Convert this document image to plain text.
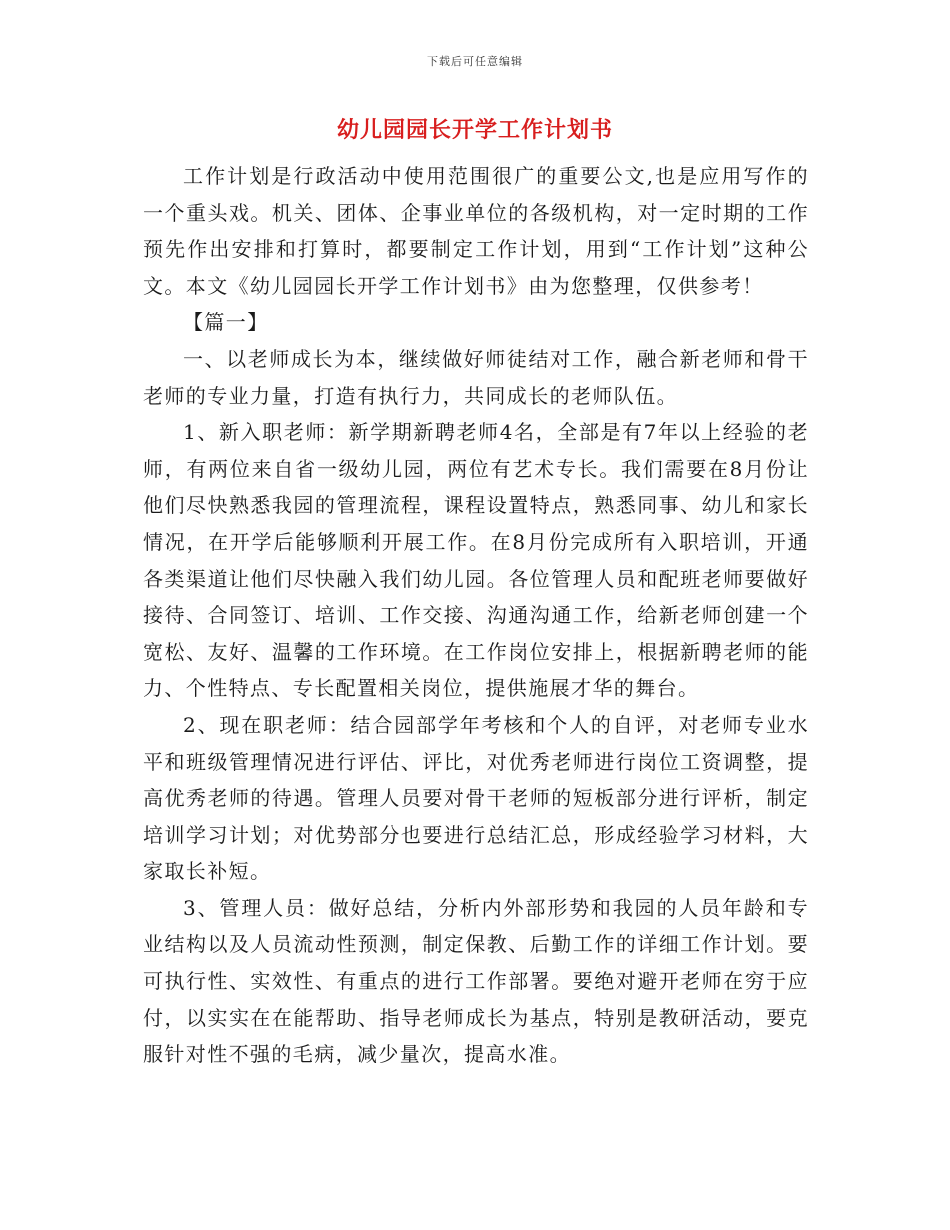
下载后可任意编辑
幼儿园园长开学工作计划书

工作计划是行政活动中使用范围很广的重要公文,也是应用写作的一个重头戏。机关、团体、企事业单位的各级机构，对一定时期的工作预先作出安排和打算时，都要制定工作计划，用到“工作计划”这种公文。本文《幼儿园园长开学工作计划书》由为您整理，仅供参考！

【篇一】

一、以老师成长为本，继续做好师徒结对工作，融合新老师和骨干老师的专业力量，打造有执行力，共同成长的老师队伍。

1、新入职老师：新学期新聘老师4名，全部是有7年以上经验的老师，有两位来自省一级幼儿园，两位有艺术专长。我们需要在8月份让他们尽快熟悉我园的管理流程，课程设置特点，熟悉同事、幼儿和家长情况，在开学后能够顺利开展工作。在8月份完成所有入职培训，开通各类渠道让他们尽快融入我们幼儿园。各位管理人员和配班老师要做好接待、合同签订、培训、工作交接、沟通沟通工作，给新老师创建一个宽松、友好、温馨的工作环境。在工作岗位安排上，根据新聘老师的能力、个性特点、专长配置相关岗位，提供施展才华的舞台。

2、现在职老师：结合园部学年考核和个人的自评，对老师专业水平和班级管理情况进行评估、评比，对优秀老师进行岗位工资调整，提高优秀老师的待遇。管理人员要对骨干老师的短板部分进行评析，制定培训学习计划；对优势部分也要进行总结汇总，形成经验学习材料，大家取长补短。

3、管理人员：做好总结，分析内外部形势和我园的人员年龄和专业结构以及人员流动性预测，制定保教、后勤工作的详细工作计划。要可执行性、实效性、有重点的进行工作部署。要绝对避开老师在穷于应付，以实实在在能帮助、指导老师成长为基点，特别是教研活动，要克服针对性不强的毛病，减少量次，提高水准。
